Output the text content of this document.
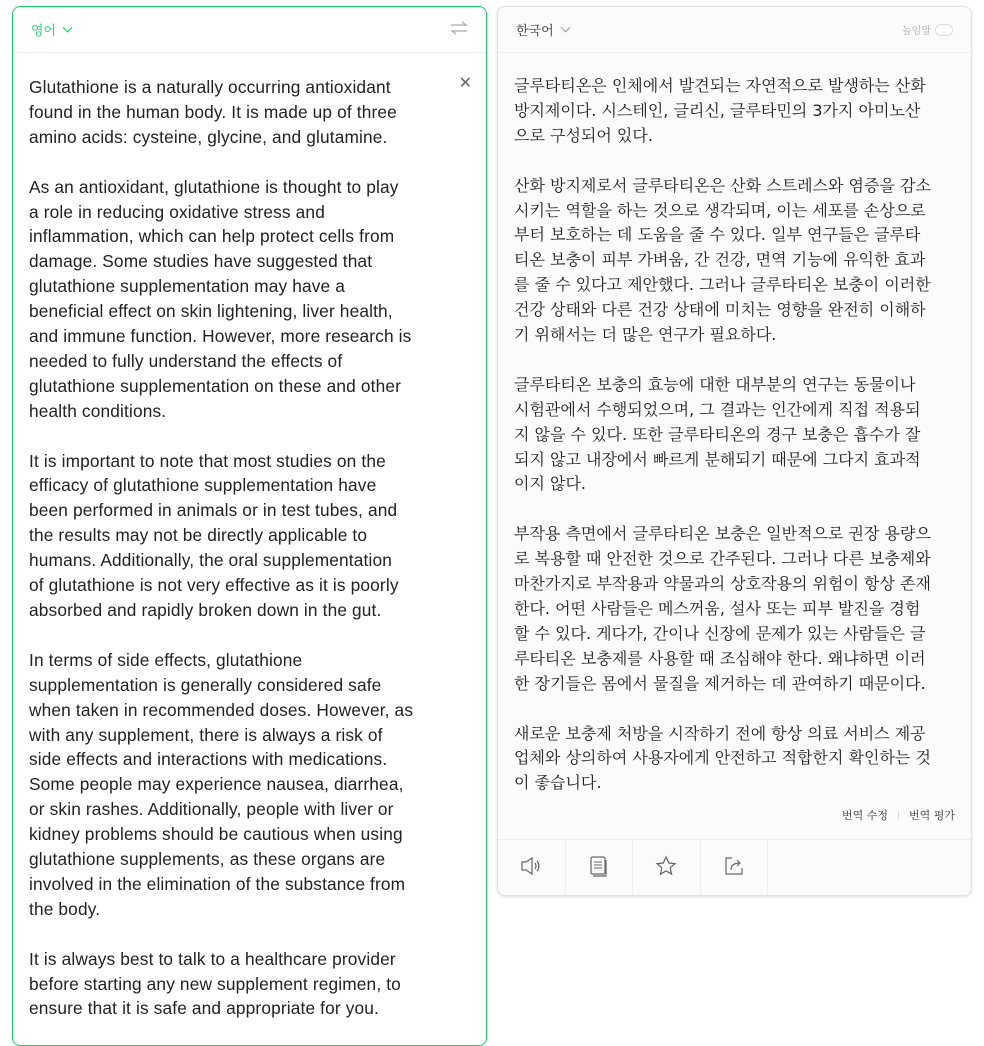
영어
✕
Glutathione is a naturally occurring antioxidant
found in the human body. It is made up of three
amino acids: cysteine, glycine, and glutamine.
As an antioxidant, glutathione is thought to play
a role in reducing oxidative stress and
inflammation, which can help protect cells from
damage. Some studies have suggested that
glutathione supplementation may have a
beneficial effect on skin lightening, liver health,
and immune function. However, more research is
needed to fully understand the effects of
glutathione supplementation on these and other
health conditions.
It is important to note that most studies on the
efficacy of glutathione supplementation have
been performed in animals or in test tubes, and
the results may not be directly applicable to
humans. Additionally, the oral supplementation
of glutathione is not very effective as it is poorly
absorbed and rapidly broken down in the gut.
In terms of side effects, glutathione
supplementation is generally considered safe
when taken in recommended doses. However, as
with any supplement, there is always a risk of
side effects and interactions with medications.
Some people may experience nausea, diarrhea,
or skin rashes. Additionally, people with liver or
kidney problems should be cautious when using
glutathione supplements, as these organs are
involved in the elimination of the substance from
the body.
It is always best to talk to a healthcare provider
before starting any new supplement regimen, to
ensure that it is safe and appropriate for you.
한국어	높임말
글루타티온은 인체에서 발견되는 자연적으로 발생하는 산화
방지제이다. 시스테인, 글리신, 글루타민의 3가지 아미노산
으로 구성되어 있다.
산화 방지제로서 글루타티온은 산화 스트레스와 염증을 감소
시키는 역할을 하는 것으로 생각되며, 이는 세포를 손상으로
부터 보호하는 데 도움을 줄 수 있다. 일부 연구들은 글루타
티온 보충이 피부 가벼움, 간 건강, 면역 기능에 유익한 효과
를 줄 수 있다고 제안했다. 그러나 글루타티온 보충이 이러한
건강 상태와 다른 건강 상태에 미치는 영향을 완전히 이해하
기 위해서는 더 많은 연구가 필요하다.
글루타티온 보충의 효능에 대한 대부분의 연구는 동물이나
시험관에서 수행되었으며, 그 결과는 인간에게 직접 적용되
지 않을 수 있다. 또한 글루타티온의 경구 보충은 흡수가 잘
되지 않고 내장에서 빠르게 분해되기 때문에 그다지 효과적
이지 않다.
부작용 측면에서 글루타티온 보충은 일반적으로 권장 용량으
로 복용할 때 안전한 것으로 간주된다. 그러나 다른 보충제와
마찬가지로 부작용과 약물과의 상호작용의 위험이 항상 존재
한다. 어떤 사람들은 메스꺼움, 설사 또는 피부 발진을 경험
할 수 있다. 게다가, 간이나 신장에 문제가 있는 사람들은 글
루타티온 보충제를 사용할 때 조심해야 한다. 왜냐하면 이러
한 장기들은 몸에서 물질을 제거하는 데 관여하기 때문이다.
새로운 보충제 처방을 시작하기 전에 항상 의료 서비스 제공
업체와 상의하여 사용자에게 안전하고 적합한지 확인하는 것
이 좋습니다.
번역 수정 번역 평가
